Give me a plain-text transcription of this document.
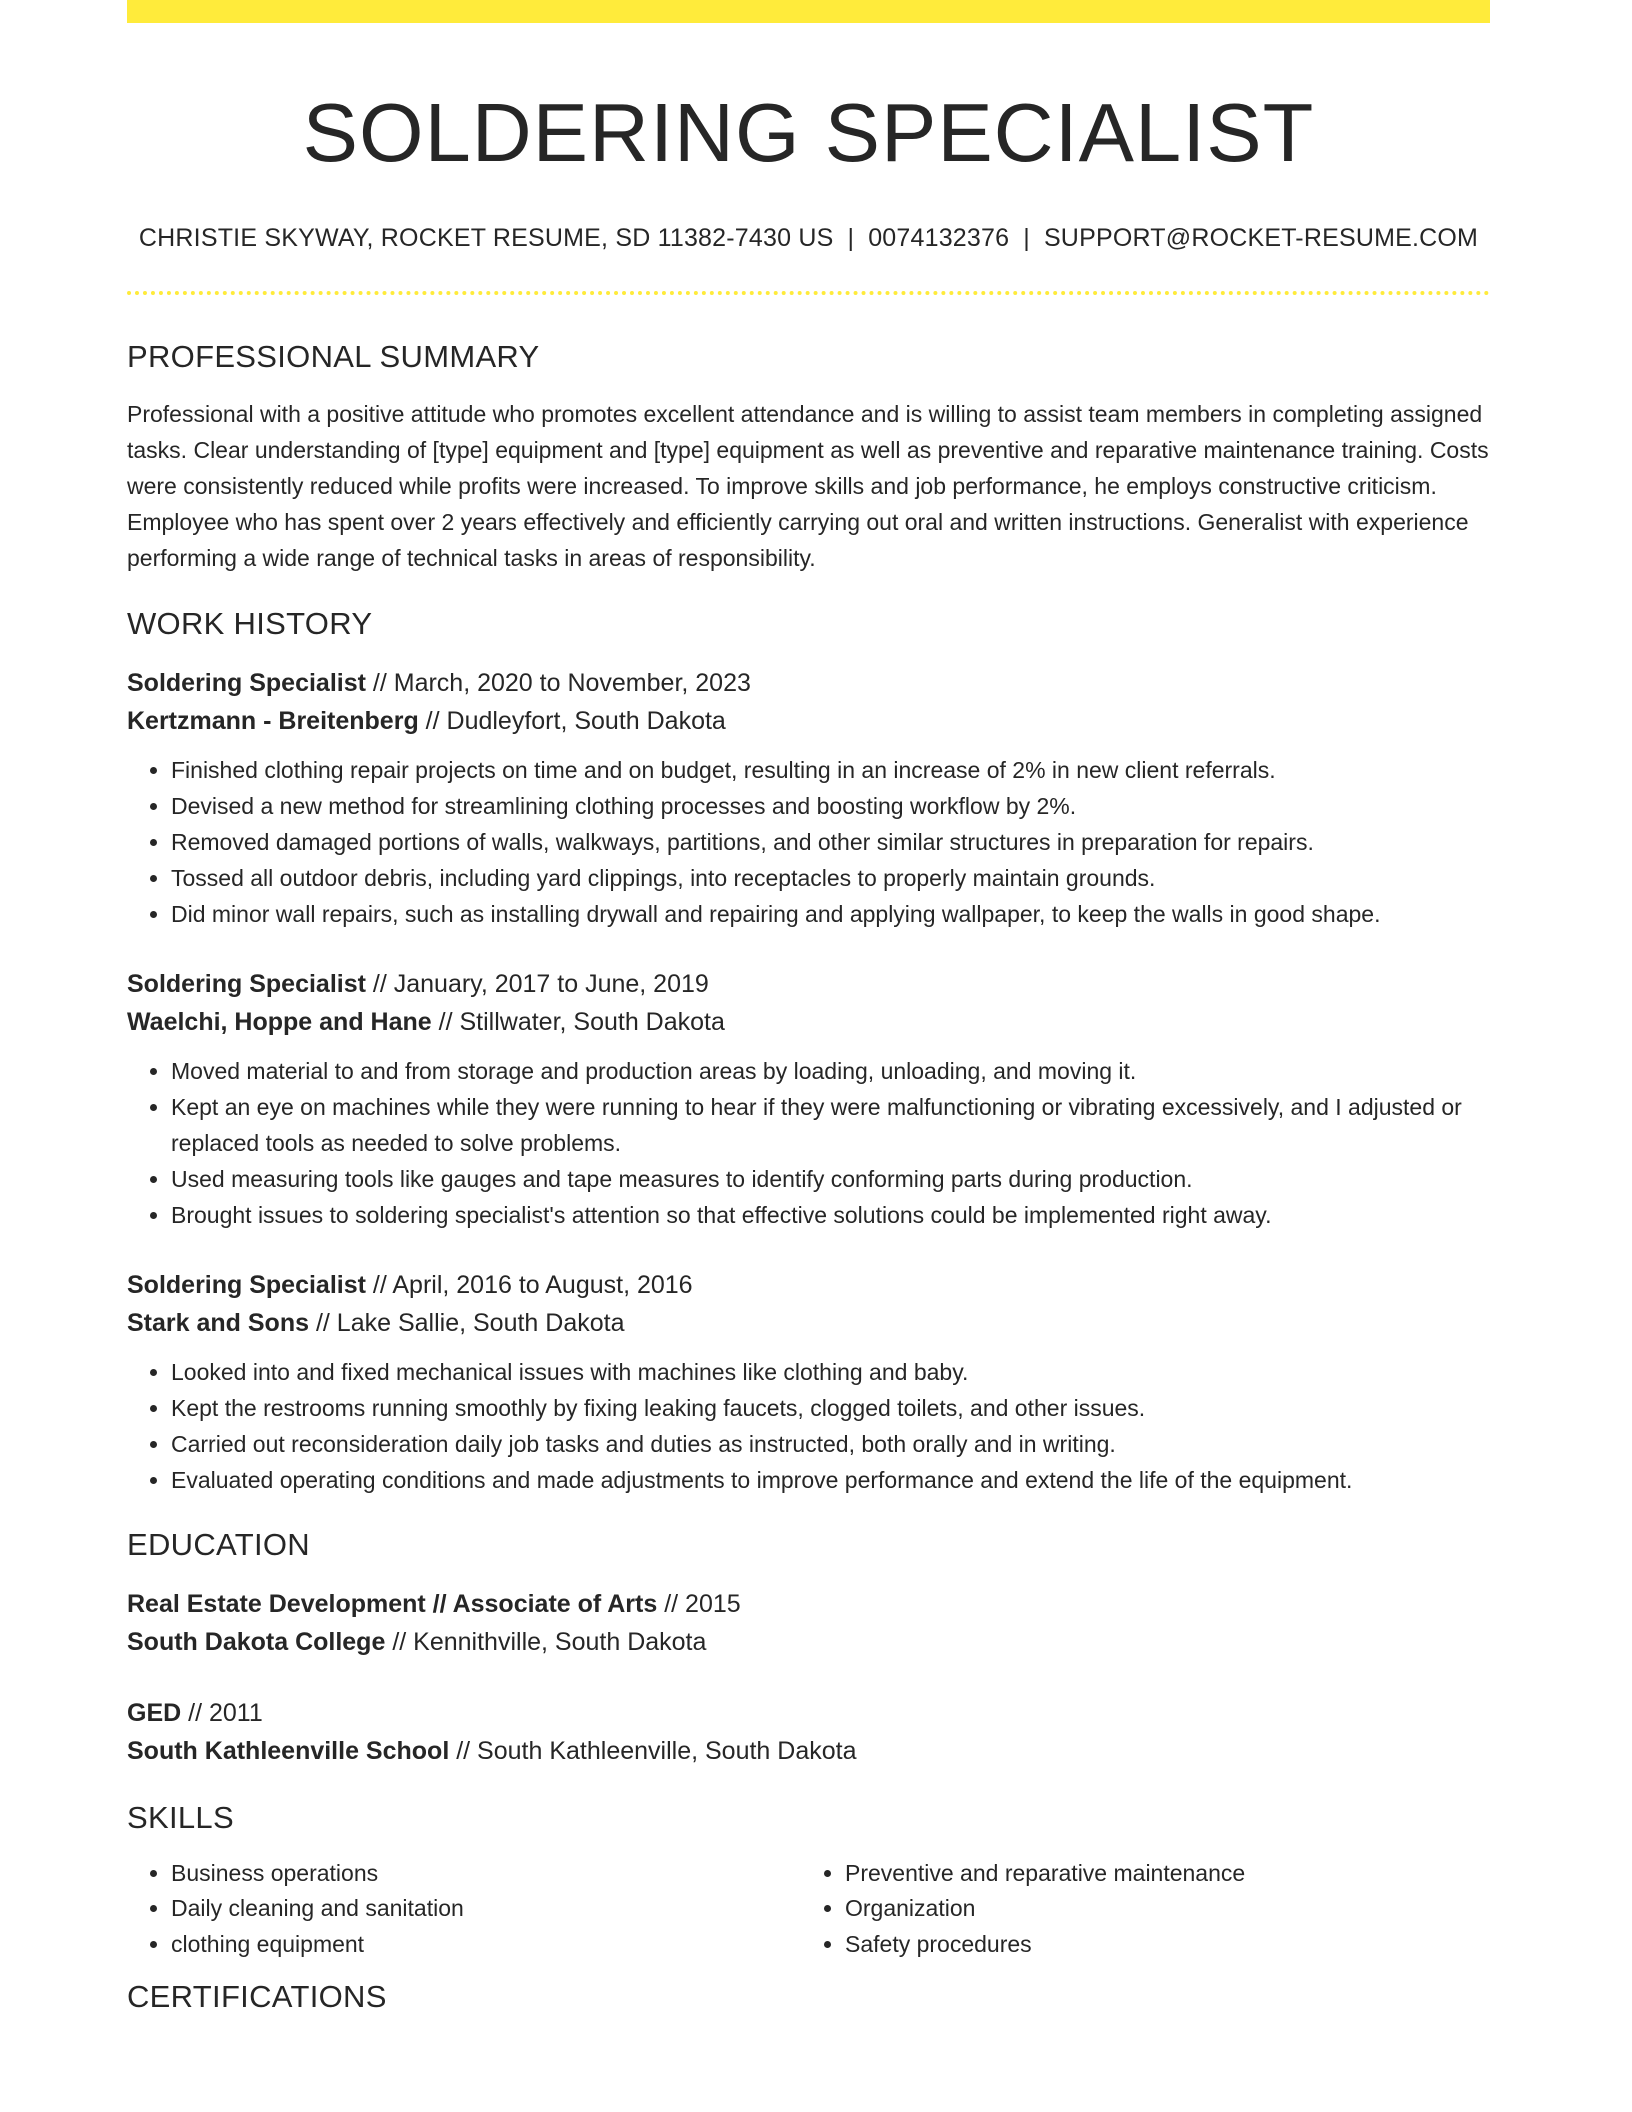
SOLDERING SPECIALIST
CHRISTIE SKYWAY, ROCKET RESUME, SD 11382-7430 US | 0074132376 | SUPPORT@ROCKET-RESUME.COM
PROFESSIONAL SUMMARY
Professional with a positive attitude who promotes excellent attendance and is willing to assist team members in completing assigned tasks. Clear understanding of [type] equipment and [type] equipment as well as preventive and reparative maintenance training. Costs were consistently reduced while profits were increased. To improve skills and job performance, he employs constructive criticism. Employee who has spent over 2 years effectively and efficiently carrying out oral and written instructions. Generalist with experience performing a wide range of technical tasks in areas of responsibility.
WORK HISTORY
Soldering Specialist // March, 2020 to November, 2023
Kertzmann - Breitenberg // Dudleyfort, South Dakota
• Finished clothing repair projects on time and on budget, resulting in an increase of 2% in new client referrals.
• Devised a new method for streamlining clothing processes and boosting workflow by 2%.
• Removed damaged portions of walls, walkways, partitions, and other similar structures in preparation for repairs.
• Tossed all outdoor debris, including yard clippings, into receptacles to properly maintain grounds.
• Did minor wall repairs, such as installing drywall and repairing and applying wallpaper, to keep the walls in good shape.
Soldering Specialist // January, 2017 to June, 2019
Waelchi, Hoppe and Hane // Stillwater, South Dakota
• Moved material to and from storage and production areas by loading, unloading, and moving it.
• Kept an eye on machines while they were running to hear if they were malfunctioning or vibrating excessively, and I adjusted or replaced tools as needed to solve problems.
• Used measuring tools like gauges and tape measures to identify conforming parts during production.
• Brought issues to soldering specialist's attention so that effective solutions could be implemented right away.
Soldering Specialist // April, 2016 to August, 2016
Stark and Sons // Lake Sallie, South Dakota
• Looked into and fixed mechanical issues with machines like clothing and baby.
• Kept the restrooms running smoothly by fixing leaking faucets, clogged toilets, and other issues.
• Carried out reconsideration daily job tasks and duties as instructed, both orally and in writing.
• Evaluated operating conditions and made adjustments to improve performance and extend the life of the equipment.
EDUCATION
Real Estate Development // Associate of Arts // 2015
South Dakota College // Kennithville, South Dakota
GED // 2011
South Kathleenville School // South Kathleenville, South Dakota
SKILLS
• Business operations
• Daily cleaning and sanitation
• clothing equipment
• Preventive and reparative maintenance
• Organization
• Safety procedures
CERTIFICATIONS
